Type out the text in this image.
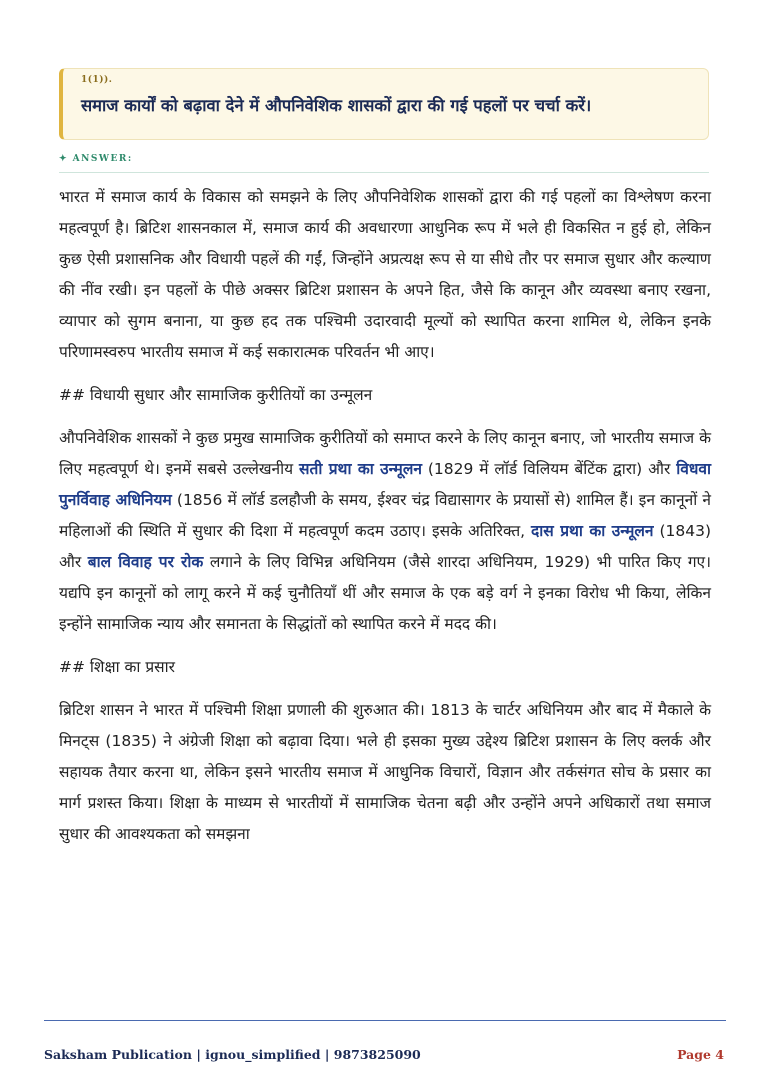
1(1)).
समाज कार्यों को बढ़ावा देने में औपनिवेशिक शासकों द्वारा की गई पहलों पर चर्चा करें।
✦ ANSWER:

भारत में समाज कार्य के विकास को समझने के लिए औपनिवेशिक शासकों द्वारा की गई पहलों का विश्लेषण करना महत्वपूर्ण है। ब्रिटिश शासनकाल में, समाज कार्य की अवधारणा आधुनिक रूप में भले ही विकसित न हुई हो, लेकिन कुछ ऐसी प्रशासनिक और विधायी पहलें की गईं, जिन्होंने अप्रत्यक्ष रूप से या सीधे तौर पर समाज सुधार और कल्याण की नींव रखी। इन पहलों के पीछे अक्सर ब्रिटिश प्रशासन के अपने हित, जैसे कि कानून और व्यवस्था बनाए रखना, व्यापार को सुगम बनाना, या कुछ हद तक पश्चिमी उदारवादी मूल्यों को स्थापित करना शामिल थे, लेकिन इनके परिणामस्वरुप भारतीय समाज में कई सकारात्मक परिवर्तन भी आए।

## विधायी सुधार और सामाजिक कुरीतियों का उन्मूलन

औपनिवेशिक शासकों ने कुछ प्रमुख सामाजिक कुरीतियों को समाप्त करने के लिए कानून बनाए, जो भारतीय समाज के लिए महत्वपूर्ण थे। इनमें सबसे उल्लेखनीय सती प्रथा का उन्मूलन (1829 में लॉर्ड विलियम बेंटिंक द्वारा) और विधवा पुनर्विवाह अधिनियम (1856 में लॉर्ड डलहौजी के समय, ईश्वर चंद्र विद्यासागर के प्रयासों से) शामिल हैं। इन कानूनों ने महिलाओं की स्थिति में सुधार की दिशा में महत्वपूर्ण कदम उठाए। इसके अतिरिक्त, दास प्रथा का उन्मूलन (1843) और बाल विवाह पर रोक लगाने के लिए विभिन्न अधिनियम (जैसे शारदा अधिनियम, 1929) भी पारित किए गए। यद्यपि इन कानूनों को लागू करने में कई चुनौतियाँ थीं और समाज के एक बड़े वर्ग ने इनका विरोध भी किया, लेकिन इन्होंने सामाजिक न्याय और समानता के सिद्धांतों को स्थापित करने में मदद की।

## शिक्षा का प्रसार

ब्रिटिश शासन ने भारत में पश्चिमी शिक्षा प्रणाली की शुरुआत की। 1813 के चार्टर अधिनियम और बाद में मैकाले के मिनट्स (1835) ने अंग्रेजी शिक्षा को बढ़ावा दिया। भले ही इसका मुख्य उद्देश्य ब्रिटिश प्रशासन के लिए क्लर्क और सहायक तैयार करना था, लेकिन इसने भारतीय समाज में आधुनिक विचारों, विज्ञान और तर्कसंगत सोच के प्रसार का मार्ग प्रशस्त किया। शिक्षा के माध्यम से भारतीयों में सामाजिक चेतना बढ़ी और उन्होंने अपने अधिकारों तथा समाज सुधार की आवश्यकता को समझना

Saksham Publication | ignou_simplified | 9873825090	Page 4
